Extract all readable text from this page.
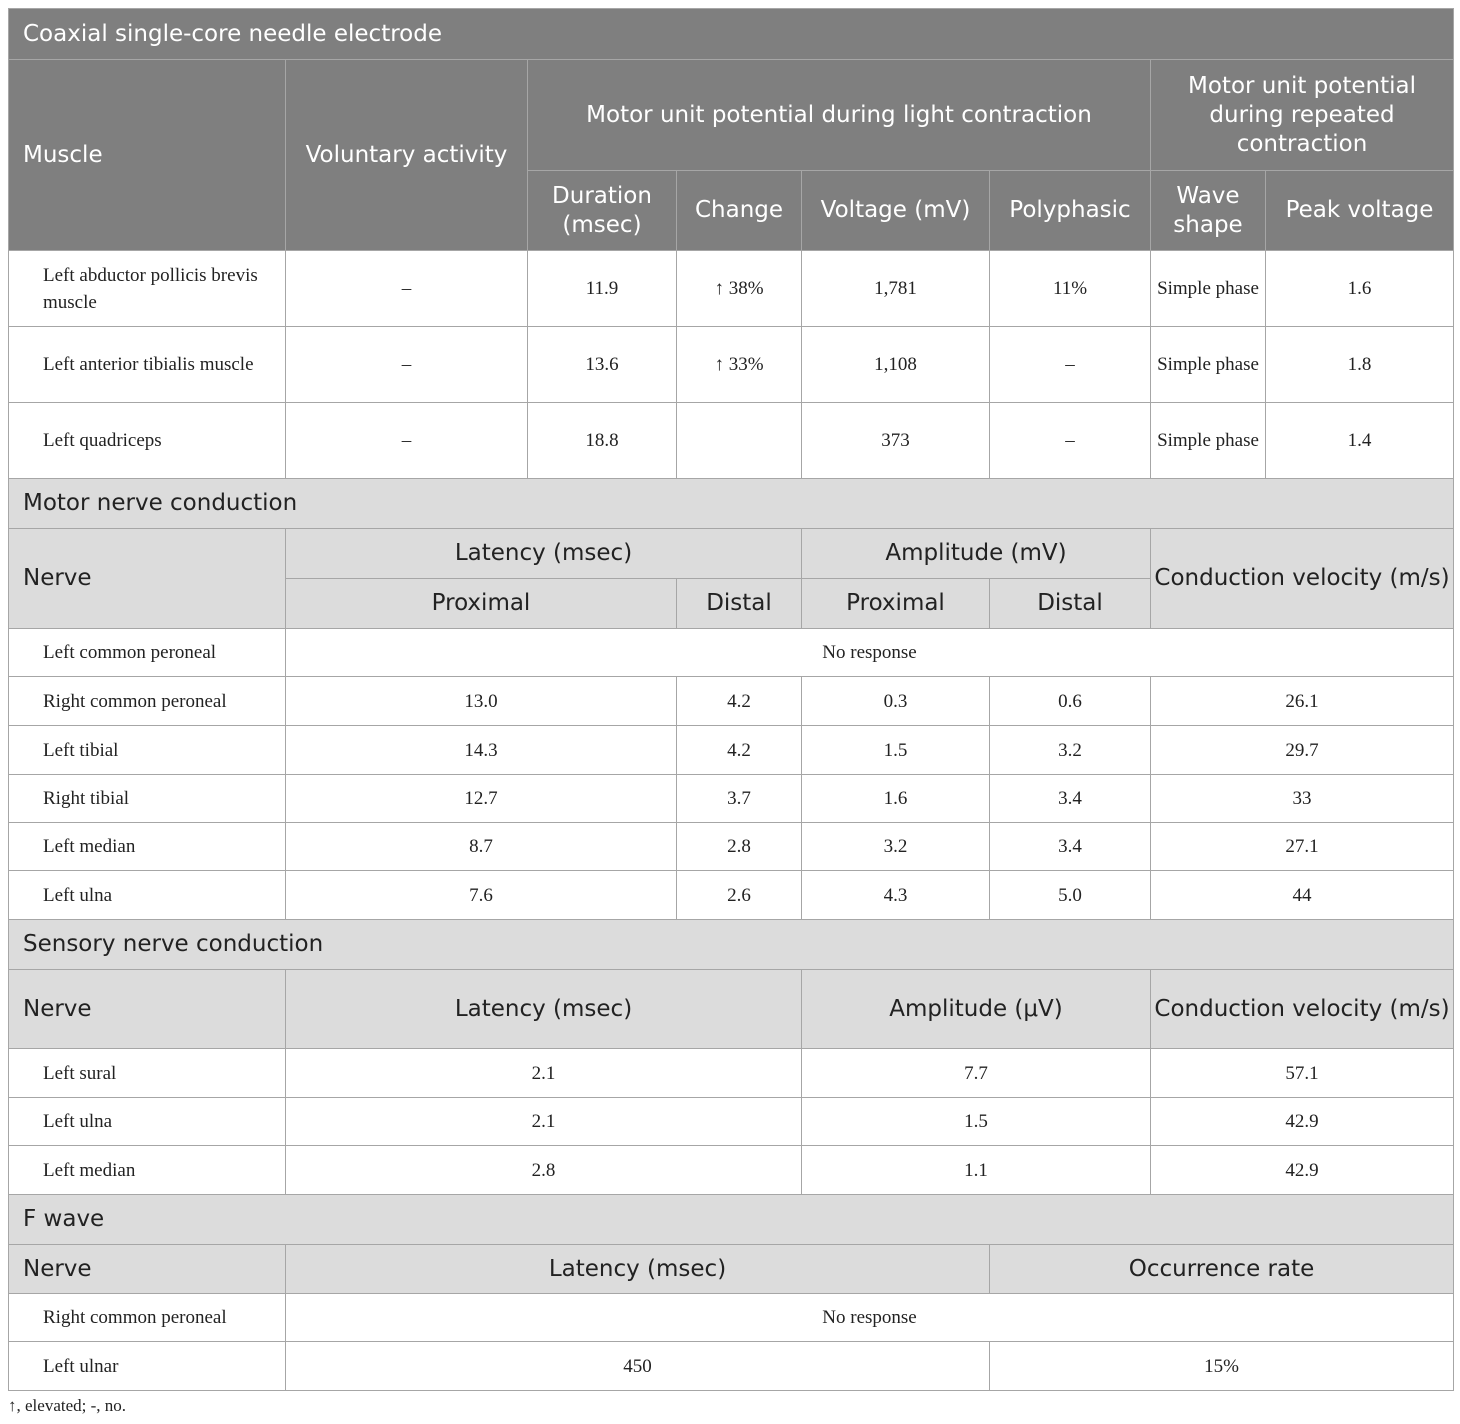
Coaxial single-core needle electrode							
Muscle	Voluntary activity	Motor unit potential during light contraction				Motor unit potential during repeated contraction	
		Duration (msec)	Change	Voltage (mV)	Polyphasic	Wave shape	Peak voltage
Left abductor pollicis brevis muscle	–	11.9	↑ 38%	1,781	11%	Simple phase	1.6
Left anterior tibialis muscle	–	13.6	↑ 33%	1,108	–	Simple phase	1.8
Left quadriceps	–	18.8		373	–	Simple phase	1.4
Motor nerve conduction							
Nerve	Latency (msec)			Amplitude (mV)		Conduction velocity (m/s)	
	Proximal		Distal	Proximal	Distal		
Left common peroneal	No response						
Right common peroneal	13.0		4.2	0.3	0.6	26.1	
Left tibial	14.3		4.2	1.5	3.2	29.7	
Right tibial	12.7		3.7	1.6	3.4	33	
Left median	8.7		2.8	3.2	3.4	27.1	
Left ulna	7.6		2.6	4.3	5.0	44	
Sensory nerve conduction							
Nerve	Latency (msec)			Amplitude (μV)		Conduction velocity (m/s)	
Left sural	2.1			7.7		57.1	
Left ulna	2.1			1.5		42.9	
Left median	2.8			1.1		42.9	
F wave							
Nerve	Latency (msec)				Occurrence rate		
Right common peroneal	No response						
Left ulnar	450				15%		
↑, elevated; -, no.
